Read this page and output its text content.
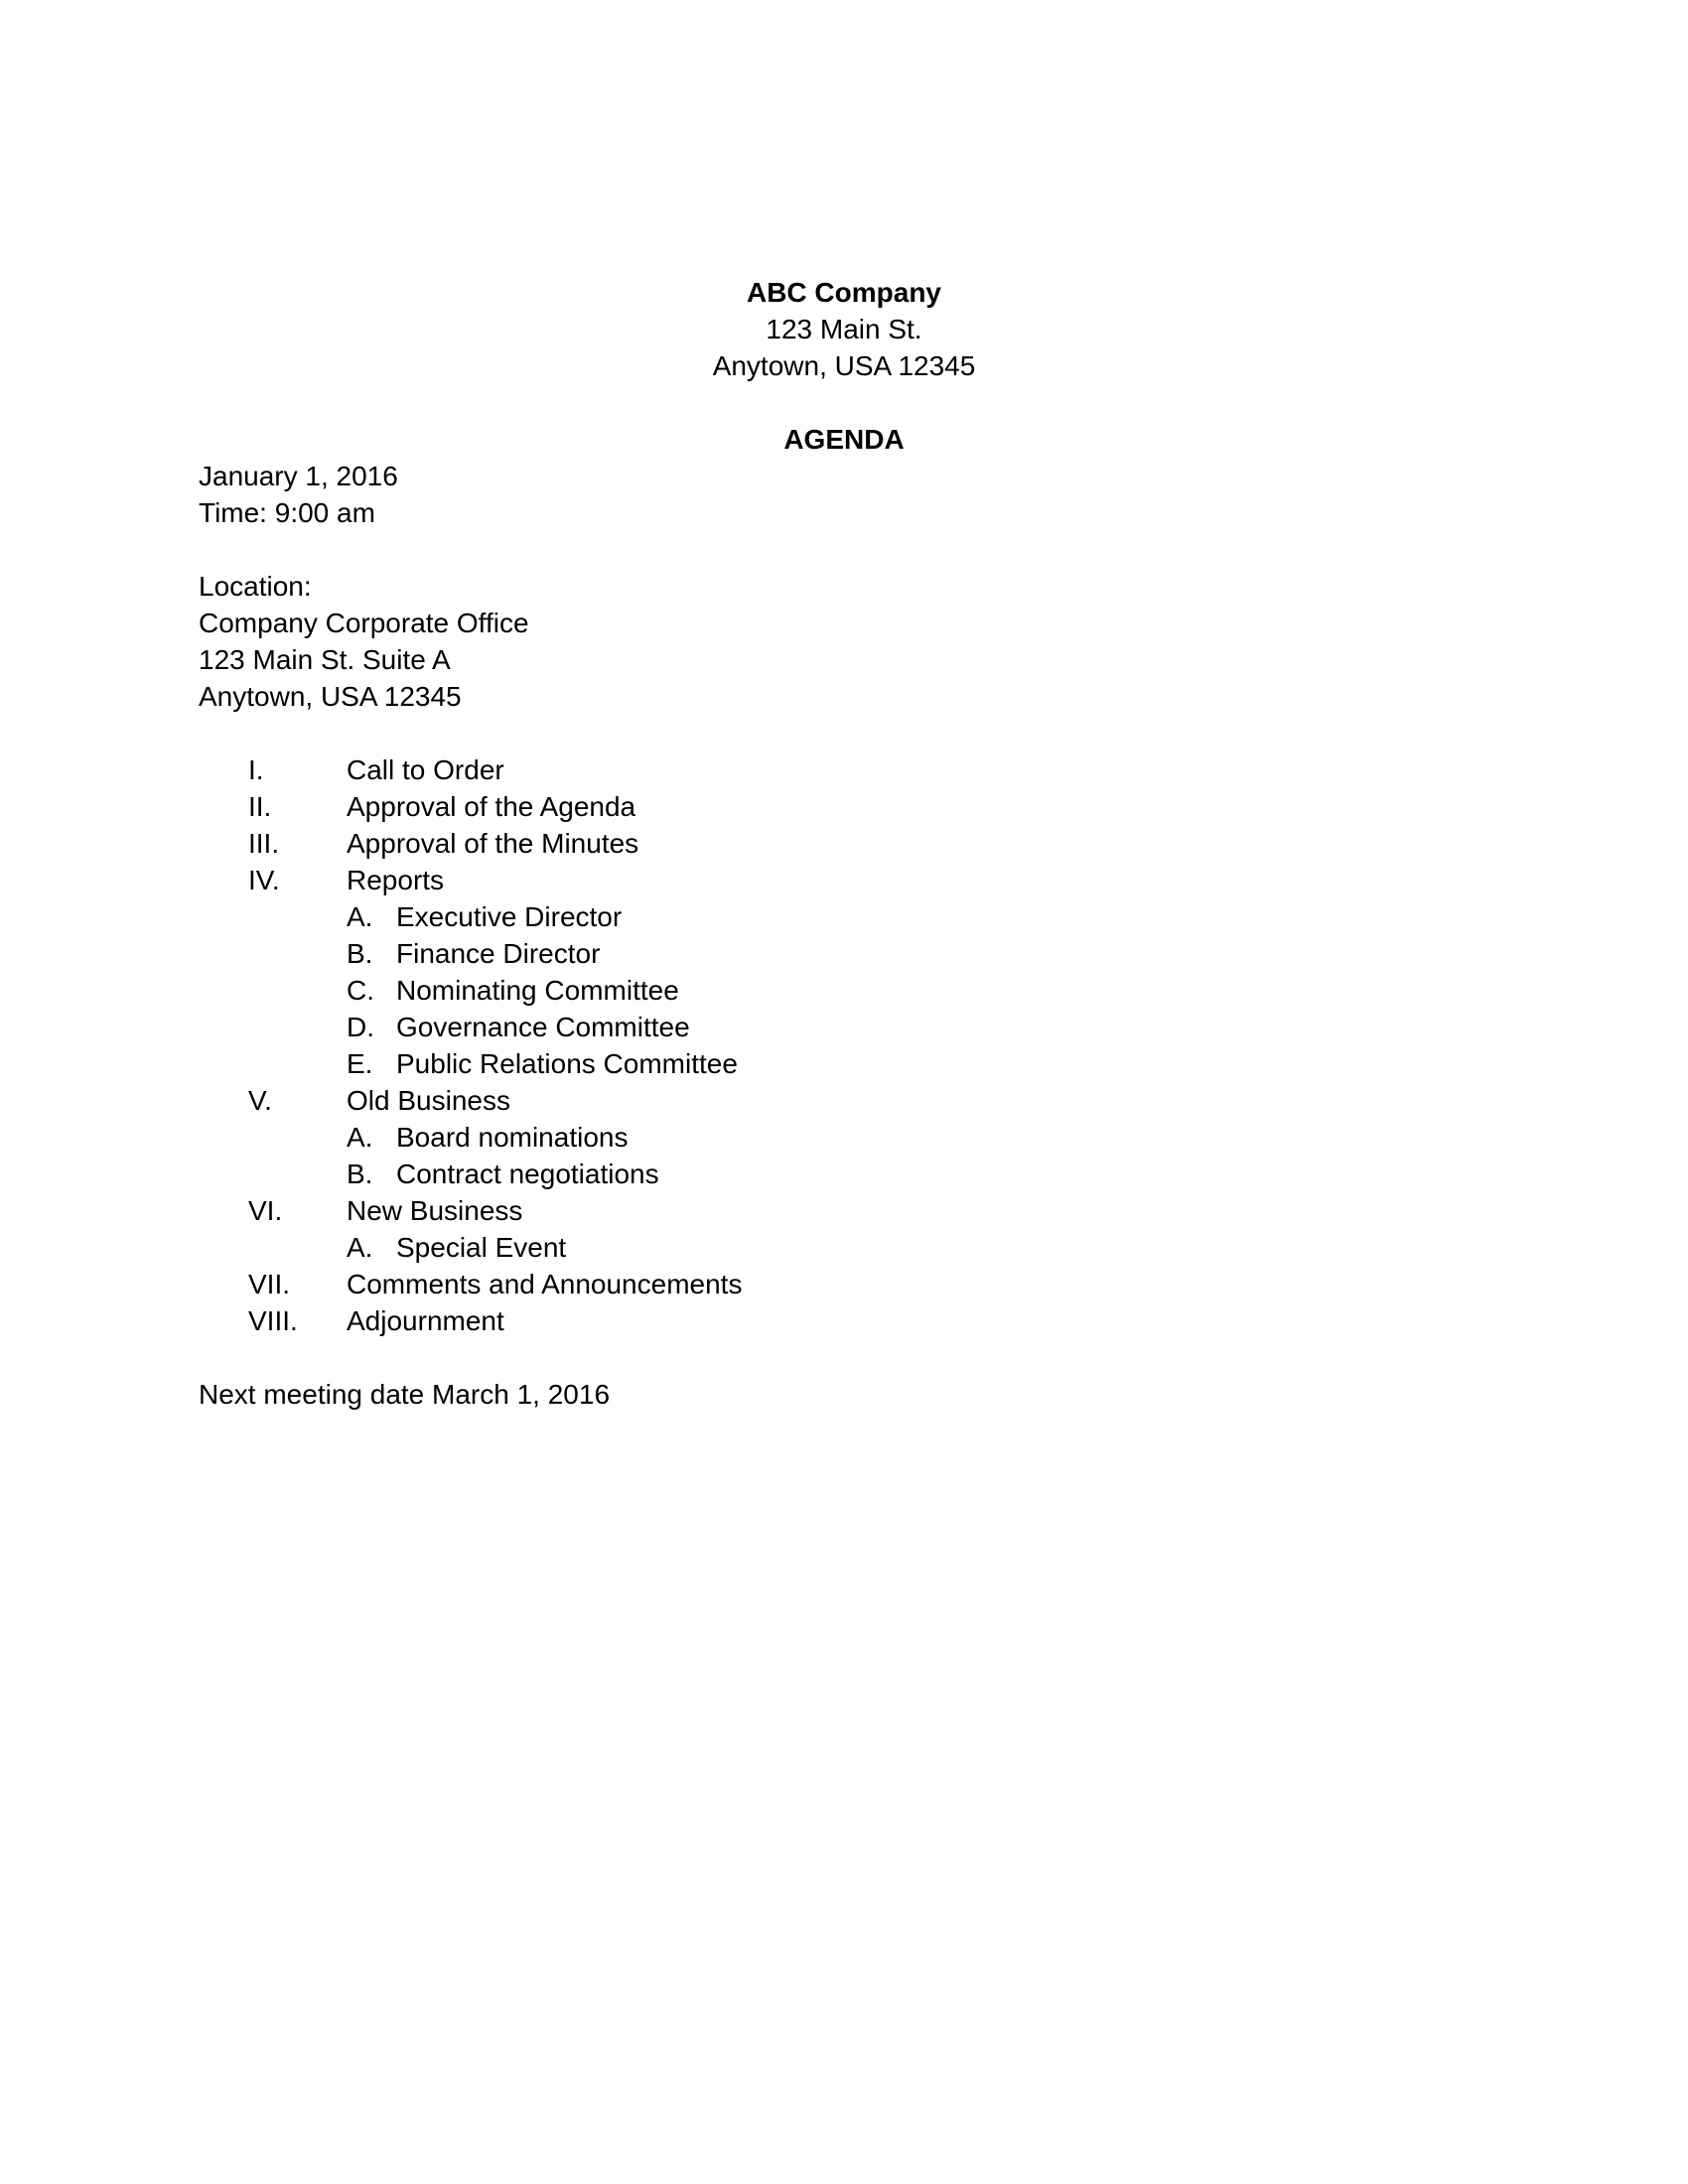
ABC Company
123 Main St.
Anytown, USA 12345
AGENDA
January 1, 2016
Time: 9:00 am
Location:
Company Corporate Office
123 Main St. Suite A
Anytown, USA 12345
I.	Call to Order
II.	Approval of the Agenda
III. Approval of the Minutes
IV. Reports
A. Executive Director
B. Finance Director
C. Nominating Committee
D. Governance Committee
E. Public Relations Committee
V.	Old Business
A. Board nominations
B. Contract negotiations
VI. New Business
A. Special Event
VII. Comments and Announcements
VIII. Adjournment
Next meeting date March 1, 2016
